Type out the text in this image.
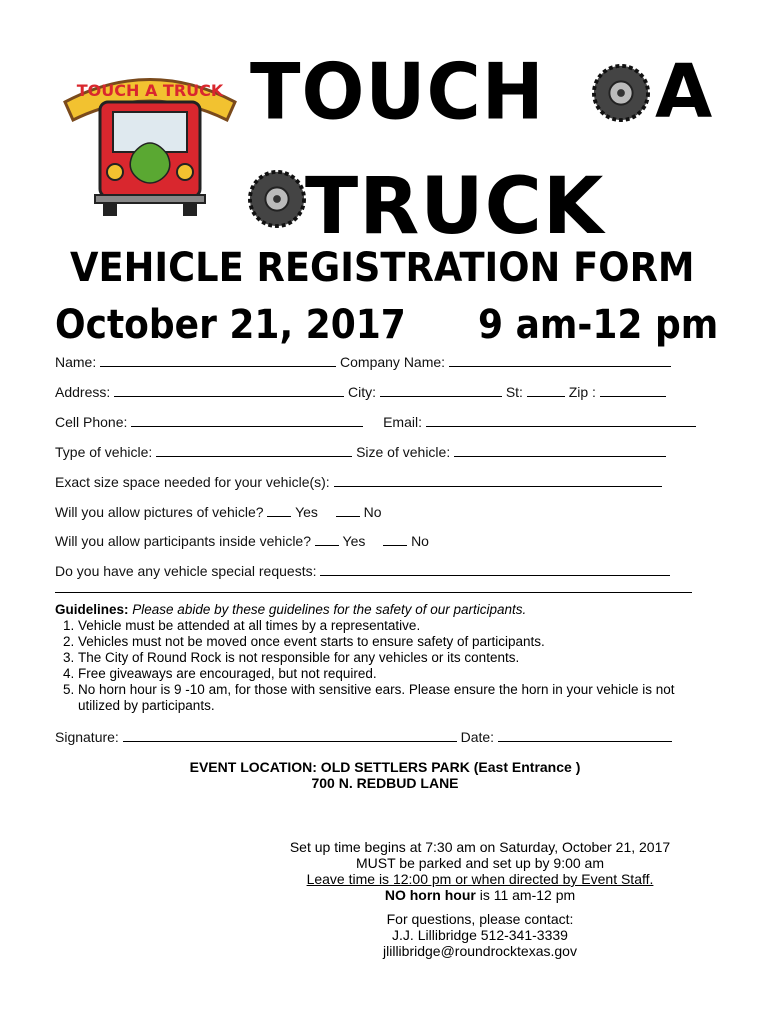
TOUCH A TRUCK TOUCH A
TRUCK
VEHICLE REGISTRATION FORM
October 21, 2017 9 am-12 pm
Name:	Company Name:
Address:	City:	St:	Zip :
Cell Phone:	Email:
Type of vehicle:	Size of vehicle:
Exact size space needed for your vehicle(s):
Will you allow pictures of vehicle? Yes	No
Will you allow participants inside vehicle? Yes	No
Do you have any vehicle special requests:
Guidelines: Please abide by these guidelines for the safety of our participants.
1. Vehicle must be attended at all times by a representative.
2. Vehicles must not be moved once event starts to ensure safety of participants.
3. The City of Round Rock is not responsible for any vehicles or its contents.
4. Free giveaways are encouraged, but not required.
5. No horn hour is 9 -10 am, for those with sensitive ears. Please ensure the horn in your vehicle is not utilized by participants.
Signature:	Date:
EVENT LOCATION: OLD SETTLERS PARK (East Entrance )
700 N. REDBUD LANE
Set up time begins at 7:30 am on Saturday, October 21, 2017
MUST be parked and set up by 9:00 am
Leave time is 12:00 pm or when directed by Event Staff.
NO horn hour is 11 am-12 pm
For questions, please contact:
J.J. Lillibridge 512-341-3339
jlillibridge@roundrocktexas.gov
